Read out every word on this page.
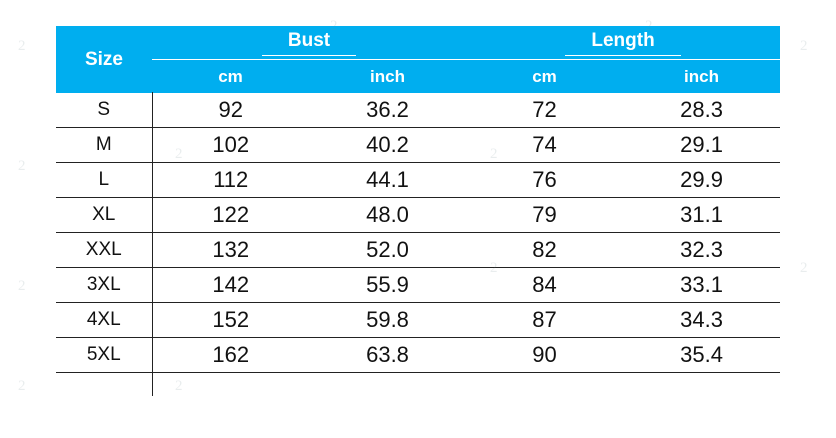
2
2
2
2
2
2
2
2
2
2
Size	Bust		Length	
	cm	inch	cm	inch
S	92	36.2	72	28.3
M	102	40.2	74	29.1
L	112	44.1	76	29.9
XL	122	48.0	79	31.1
XXL	132	52.0	82	32.3
3XL	142	55.9	84	33.1
4XL	152	59.8	87	34.3
5XL	162	63.8	90	35.4
